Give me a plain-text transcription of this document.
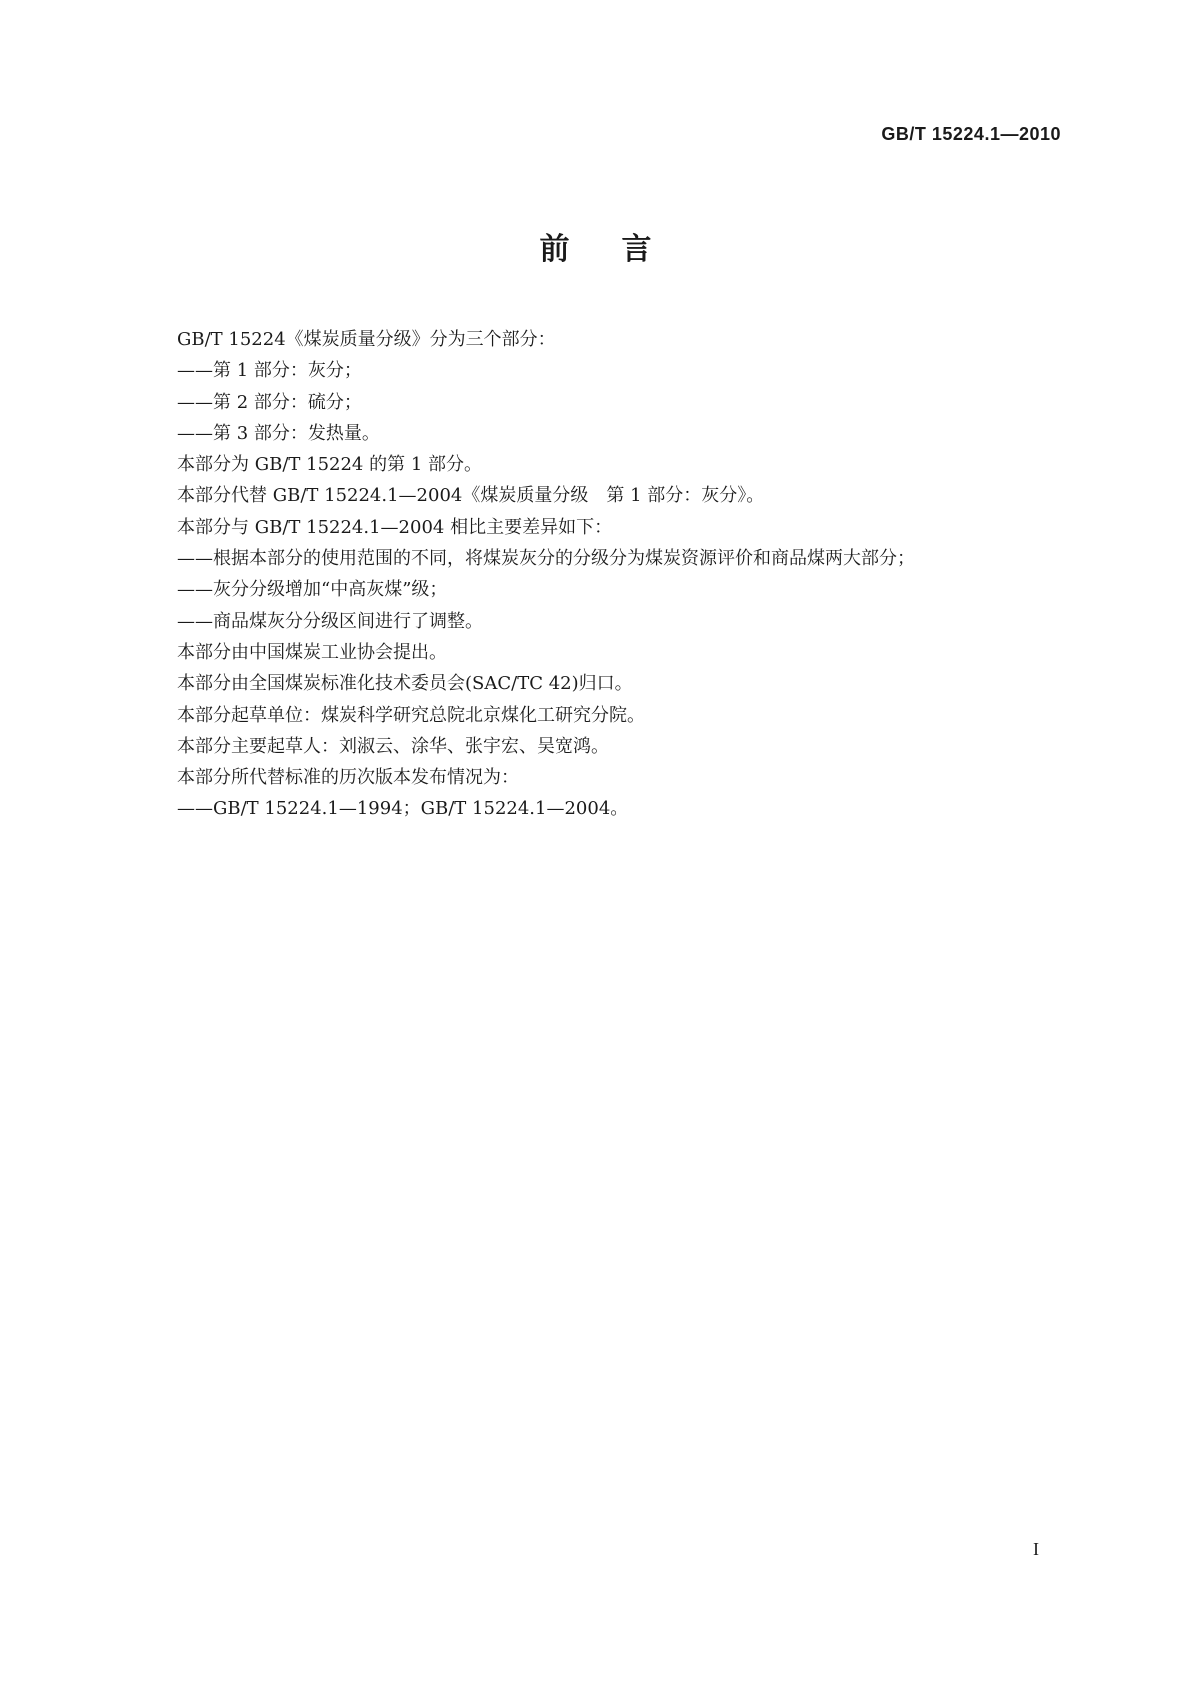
GB/T 15224.1—2010
前言
GB/T 15224《煤炭质量分级》分为三个部分：
——第 1 部分：灰分；
——第 2 部分：硫分；
——第 3 部分：发热量。
本部分为 GB/T 15224 的第 1 部分。
本部分代替 GB/T 15224.1—2004《煤炭质量分级　第 1 部分：灰分》。
本部分与 GB/T 15224.1—2004 相比主要差异如下：
——根据本部分的使用范围的不同，将煤炭灰分的分级分为煤炭资源评价和商品煤两大部分；
——灰分分级增加“中高灰煤”级；
——商品煤灰分分级区间进行了调整。
本部分由中国煤炭工业协会提出。
本部分由全国煤炭标准化技术委员会(SAC/TC 42)归口。
本部分起草单位：煤炭科学研究总院北京煤化工研究分院。
本部分主要起草人：刘淑云、涂华、张宇宏、吴宽鸿。
本部分所代替标准的历次版本发布情况为：
——GB/T 15224.1—1994；GB/T 15224.1—2004。
I
